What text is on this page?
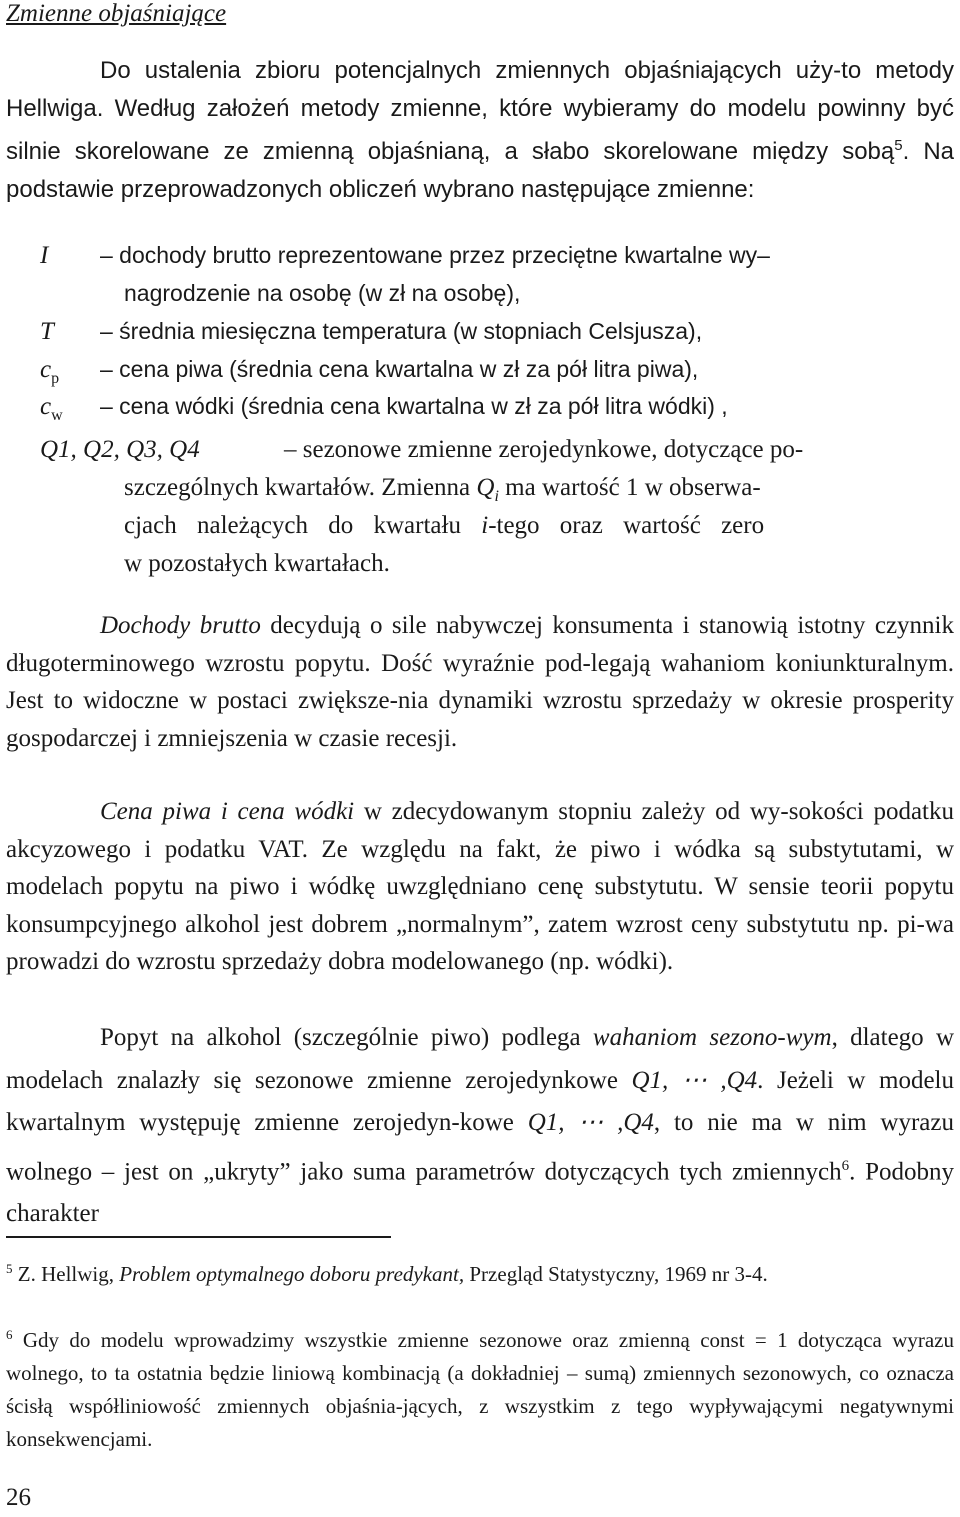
Zmienne objaśniające
Do ustalenia zbioru potencjalnych zmiennych objaśniających uży-to metody Hellwiga. Według założeń metody zmienne, które wybieramy do modelu powinny być silnie skorelowane ze zmienną objaśnianą, a słabo skorelowane między sobą$^5$. Na podstawie przeprowadzonych obliczeń wybrano następujące zmienne:
I – dochody brutto reprezentowane przez przeciętne kwartalne wy–
nagrodzenie na osobę (w zł na osobę),
T – średnia miesięczna temperatura (w stopniach Celsjusza),
$c_p$ – cena piwa (średnia cena kwartalna w zł za pół litra piwa),
$c_w$ – cena wódki (średnia cena kwartalna w zł za pół litra wódki) ,
Q1, Q2, Q3, Q4	– sezonowe zmienne zerojedynkowe, dotyczące po-
szczególnych kwartałów. Zmienna $Q_i$ ma wartość 1 w obserwa-
cjach należących do kwartału i-tego oraz wartość zero
w pozostałych kwartałach.
Dochody brutto decydują o sile nabywczej konsumenta i stanowią istotny czynnik długoterminowego wzrostu popytu. Dość wyraźnie pod-legają wahaniom koniunkturalnym. Jest to widoczne w postaci zwiększe-nia dynamiki wzrostu sprzedaży w okresie prosperity gospodarczej i zmniejszenia w czasie recesji.
Cena piwa i cena wódki w zdecydowanym stopniu zależy od wy-sokości podatku akcyzowego i podatku VAT. Ze względu na fakt, że piwo i wódka są substytutami, w modelach popytu na piwo i wódkę uwzględniano cenę substytutu. W sensie teorii popytu konsumpcyjnego alkohol jest dobrem „normalnym”, zatem wzrost ceny substytutu np. pi-wa prowadzi do wzrostu sprzedaży dobra modelowanego (np. wódki).
Popyt na alkohol (szczególnie piwo) podlega wahaniom sezono-wym, dlatego w modelach znalazły się sezonowe zmienne zerojedynkowe Q1, ⋯ ,Q4. Jeżeli w modelu kwartalnym występuję zmienne zerojedyn-kowe Q1, ⋯ ,Q4, to nie ma w nim wyrazu wolnego – jest on „ukryty” jako suma parametrów dotyczących tych zmiennych$^6$. Podobny charakter
$^5$ Z. Hellwig, Problem optymalnego doboru predykant, Przegląd Statystyczny, 1969 nr 3-4.
$^6$ Gdy do modelu wprowadzimy wszystkie zmienne sezonowe oraz zmienną const = 1 dotycząca wyrazu wolnego, to ta ostatnia będzie liniową kombinacją (a dokładniej – sumą) zmiennych sezonowych, co oznacza ścisłą współliniowość zmiennych objaśnia-jących, z wszystkim z tego wypływającymi negatywnymi konsekwencjami.
26
